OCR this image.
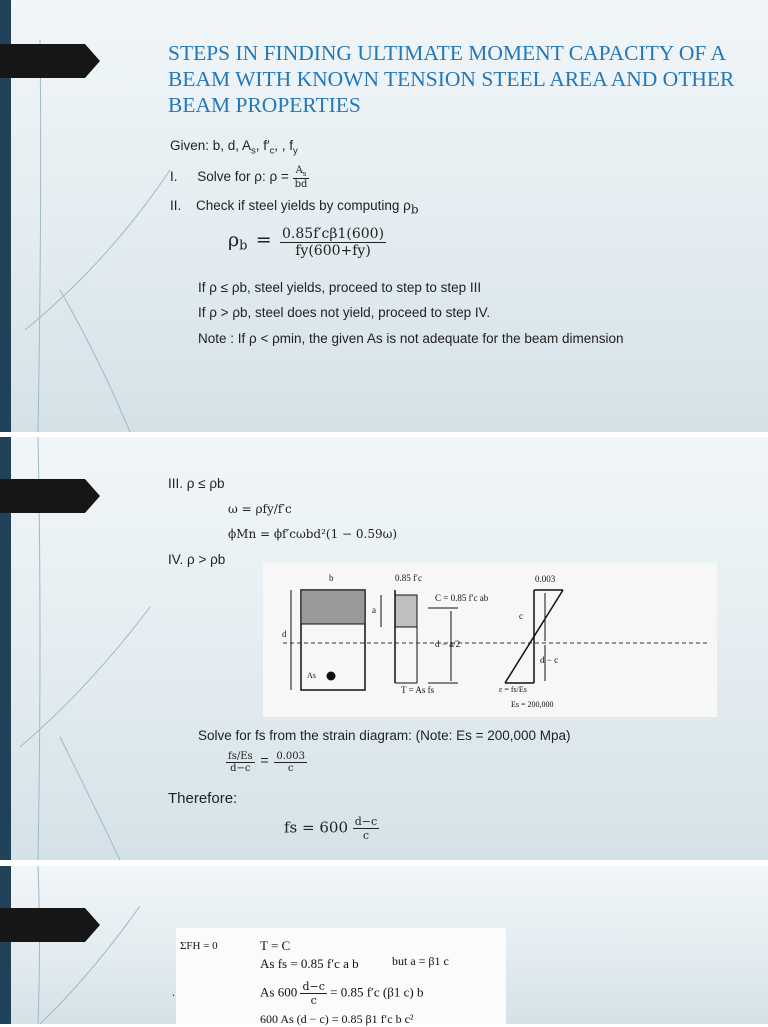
STEPS IN FINDING ULTIMATE MOMENT CAPACITY OF A BEAM WITH KNOWN TENSION STEEL AREA AND OTHER BEAM PROPERTIES
Given: b, d, $A_s$, $f'_c$, , $f_y$
I. Solve for ρ: $\rho = \frac{A_s}{bd}$
II. Check if steel yields by computing $\rho_b$
$\rho_b = \frac{0.85f'c\beta 1(600)}{fy(600+fy)}$
If ρ ≤ ρb, steel yields, proceed to step to step III
If ρ > ρb, steel does not yield, proceed to step IV.
Note : If ρ < ρmin, the given As is not adequate for the beam dimension
III. ρ ≤ ρb
ω = ρfy/f′c
ϕMn = ϕf′cωbd²(1 − 0.59ω)
IV. ρ > ρb
b	0.85 f′c	0.003
C = 0.85 f′c ab
a
c
d
d − a/2
d − c
As
T = As fs	ε = fs/Es
Es = 200,000
Solve for fs from the strain diagram: (Note: Es = 200,000 Mpa)
$\frac{fs/Es}{d-c} = \frac{0.003}{c}$
Therefore:
fs = $600 \frac{d-c}{c}$
ΣFH = 0	T = C
As fs = 0.85 f′c a b	but a = β1 c
As $600 \frac{d-c}{c} = 0.85$ f′c (β1 c) b
600 As (d − c) = 0.85 β1 f′c b c²
.
